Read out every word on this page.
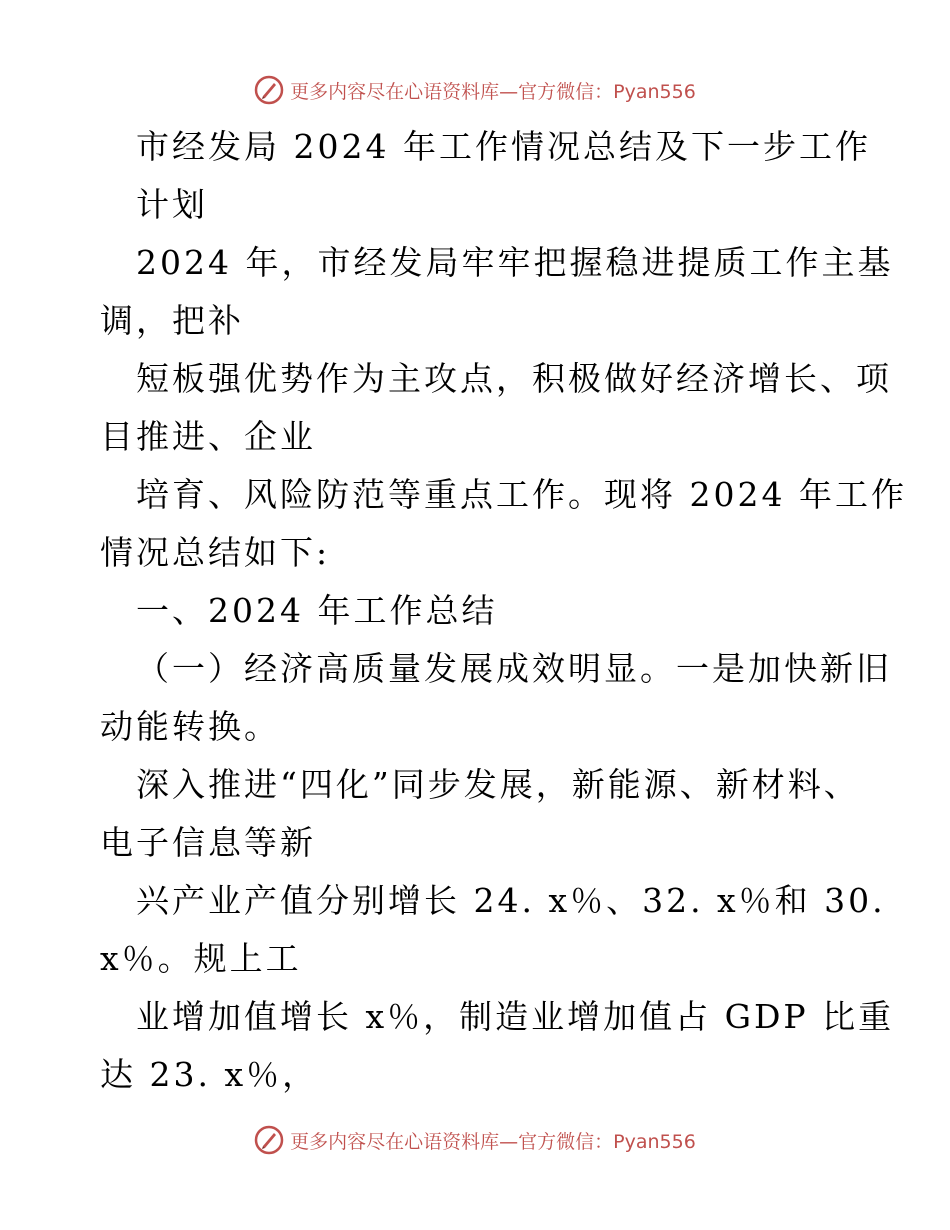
更多内容尽在心语资料库—官方微信：Pyan556
市经发局 2024 年工作情况总结及下一步工作
计划
2024 年，市经发局牢牢把握稳进提质工作主基
调，把补
短板强优势作为主攻点，积极做好经济增长、项
目推进、企业
培育、风险防范等重点工作。现将 2024 年工作
情况总结如下:
一、2024 年工作总结
（一）经济高质量发展成效明显。一是加快新旧
动能转换。
深入推进“四化”同步发展，新能源、新材料、
电子信息等新
兴产业产值分别增长 24. x％、32. x％和 30.
x％。规上工
业增加值增长 x％，制造业增加值占 GDP 比重
达 23. x％，
更多内容尽在心语资料库—官方微信：Pyan556
